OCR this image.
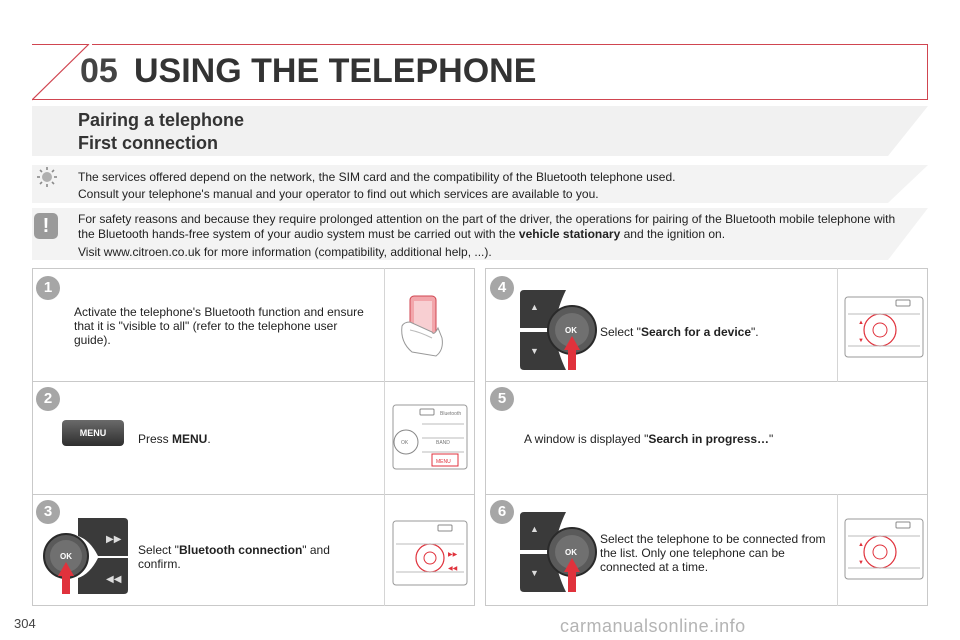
05 USING THE TELEPHONE
Pairing a telephone
First connection

The services offered depend on the network, the SIM card and the compatibility of the Bluetooth telephone used.

Consult your telephone's manual and your operator to find out which services are available to you.

!	For safety reasons and because they require prolonged attention on the part of the driver, the operations for pairing of the Bluetooth mobile telephone with the Bluetooth hands-free system of your audio system must be carried out with the vehicle stationary and the ignition on.

Visit www.citroen.co.uk for more information (compatibility, additional help, ...).

1
2
3
4
5
6
Activate the telephone's Bluetooth function and ensure that it is "visible to all" (refer to the telephone user guide).
MENU	Press MENU.
Bluetooth
OK	BAND
MENU
▶▶
◀◀
OK	Select "Bluetooth connection" and confirm.
▶▶
◀◀
▲
▼
OK Select "Search for a device".
▲
▼
A window is displayed "Search in progress…"
▲
▼
OK
Select the telephone to be connected from the list. Only one telephone can be connected at a time.
▲
▼
304	carmanualsonline.info
